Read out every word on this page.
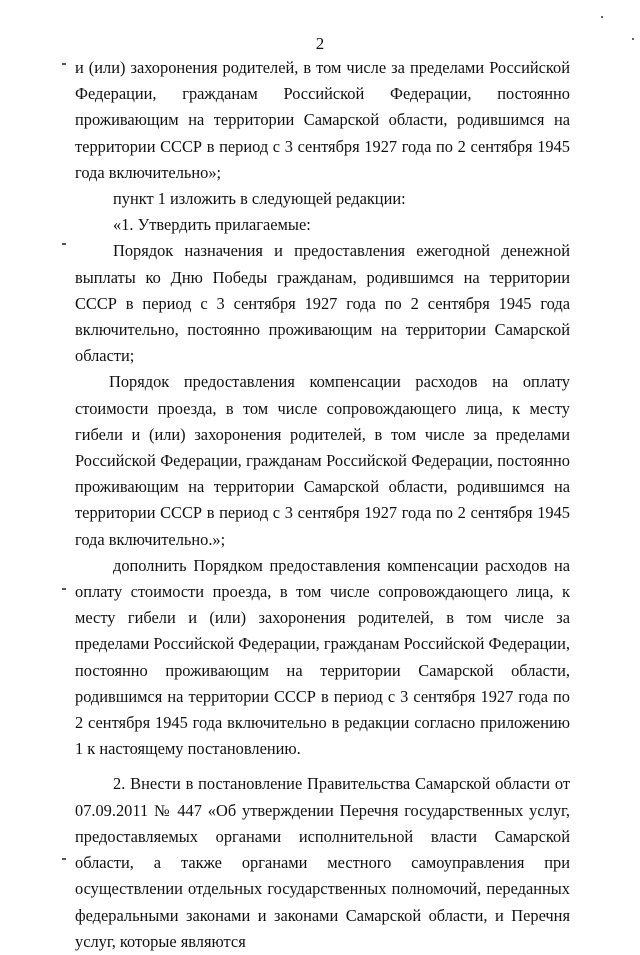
2

и (или) захоронения родителей, в том числе за пределами Российской Федерации, гражданам Российской Федерации, постоянно проживающим на территории Самарской области, родившимся на территории СССР в период с 3 сентября 1927 года по 2 сентября 1945 года включительно»;

пункт 1 изложить в следующей редакции:

«1. Утвердить прилагаемые:

Порядок назначения и предоставления ежегодной денежной выплаты ко Дню Победы гражданам, родившимся на территории СССР в период с 3 сентября 1927 года по 2 сентября 1945 года включительно, постоянно проживающим на территории Самарской области;

Порядок предоставления компенсации расходов на оплату стоимости проезда, в том числе сопровождающего лица, к месту гибели и (или) захоронения родителей, в том числе за пределами Российской Федерации, гражданам Российской Федерации, постоянно проживающим на территории Самарской области, родившимся на территории СССР в период с 3 сентября 1927 года по 2 сентября 1945 года включительно.»;

дополнить Порядком предоставления компенсации расходов на оплату стоимости проезда, в том числе сопровождающего лица, к месту гибели и (или) захоронения родителей, в том числе за пределами Российской Федерации, гражданам Российской Федерации, постоянно проживающим на территории Самарской области, родившимся на территории СССР в период с 3 сентября 1927 года по 2 сентября 1945 года включительно в редакции согласно приложению 1 к настоящему постановлению.

2. Внести в постановление Правительства Самарской области от 07.09.2011 № 447 «Об утверждении Перечня государственных услуг, предоставляемых органами исполнительной власти Самарской области, а также органами местного самоуправления при осуществлении отдельных государственных полномочий, переданных федеральными законами и законами Самарской области, и Перечня услуг, которые являются
